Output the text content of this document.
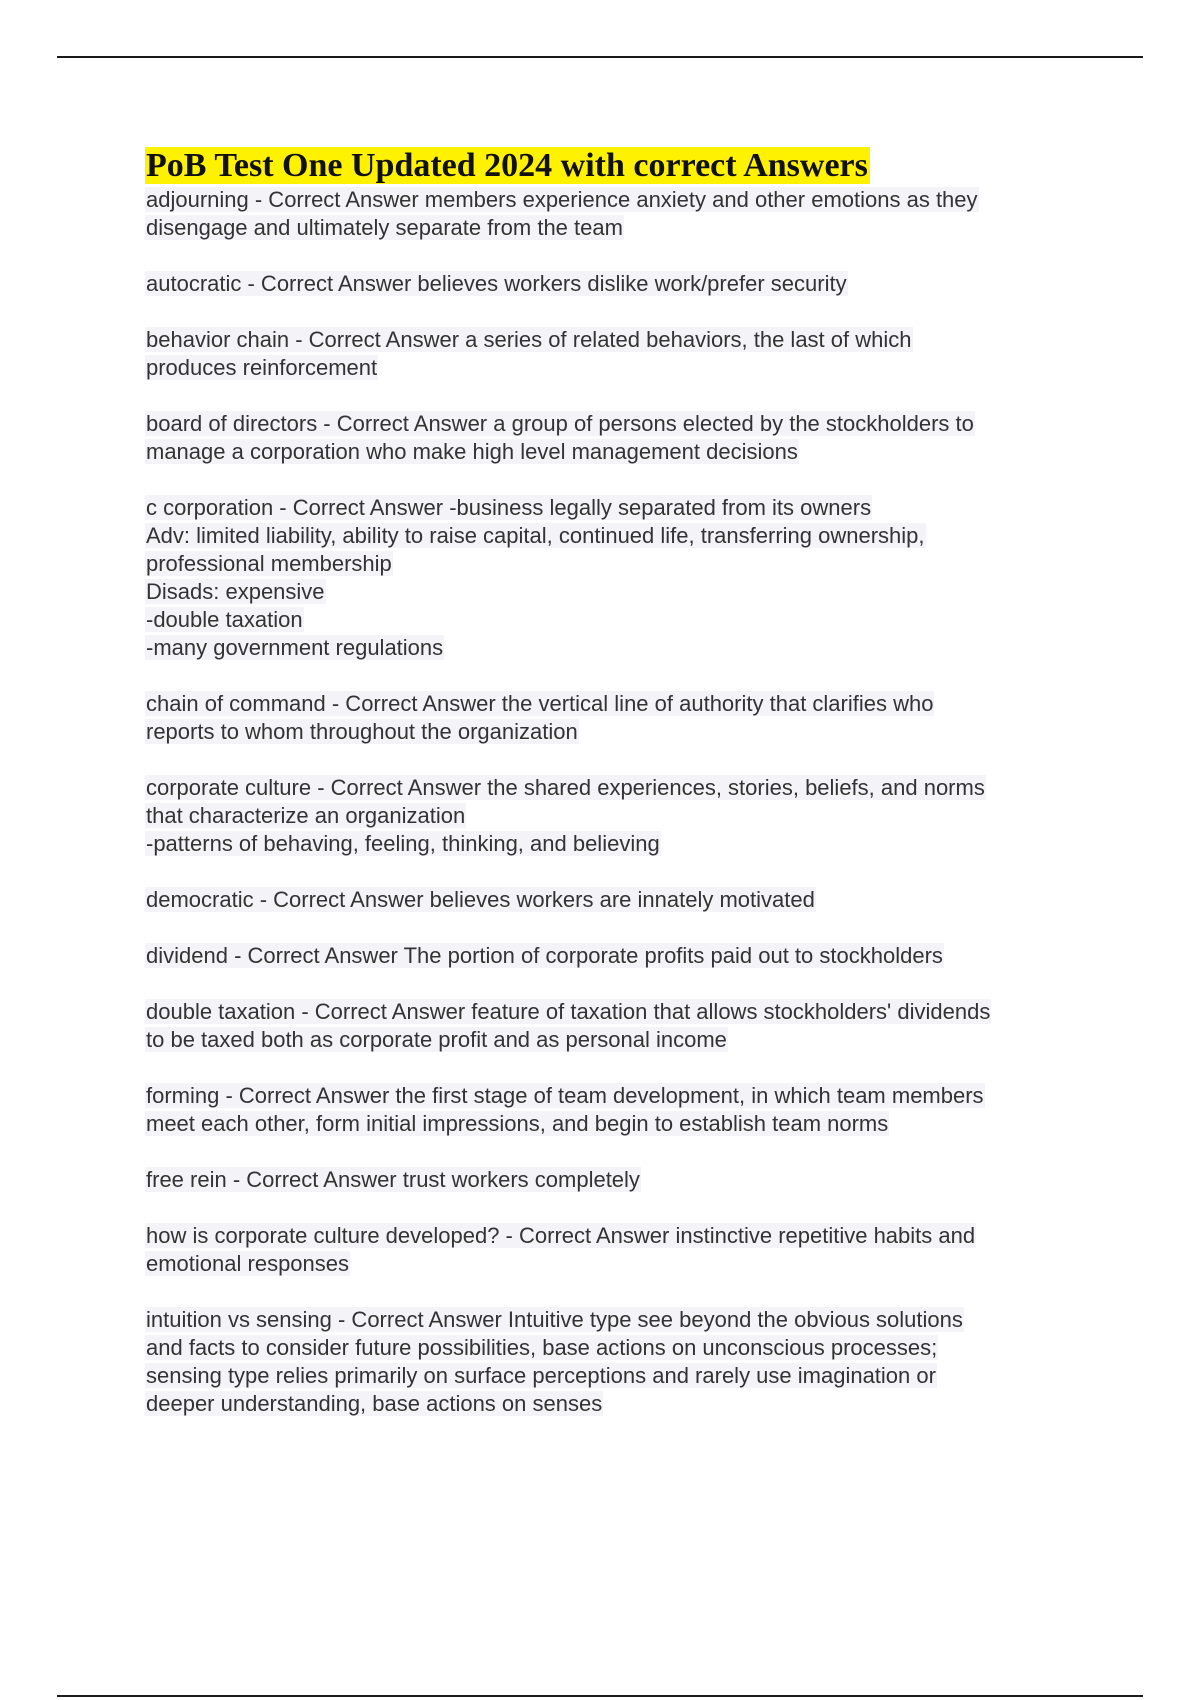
PoB Test One Updated 2024 with correct Answers
adjourning - Correct Answer members experience anxiety and other emotions as they
disengage and ultimately separate from the team
autocratic - Correct Answer believes workers dislike work/prefer security
behavior chain - Correct Answer a series of related behaviors, the last of which
produces reinforcement
board of directors - Correct Answer a group of persons elected by the stockholders to
manage a corporation who make high level management decisions
c corporation - Correct Answer -business legally separated from its owners
Adv: limited liability, ability to raise capital, continued life, transferring ownership,
professional membership
Disads: expensive
-double taxation
-many government regulations
chain of command - Correct Answer the vertical line of authority that clarifies who
reports to whom throughout the organization
corporate culture - Correct Answer the shared experiences, stories, beliefs, and norms
that characterize an organization
-patterns of behaving, feeling, thinking, and believing
democratic - Correct Answer believes workers are innately motivated
dividend - Correct Answer The portion of corporate profits paid out to stockholders
double taxation - Correct Answer feature of taxation that allows stockholders' dividends
to be taxed both as corporate profit and as personal income
forming - Correct Answer the first stage of team development, in which team members
meet each other, form initial impressions, and begin to establish team norms
free rein - Correct Answer trust workers completely
how is corporate culture developed? - Correct Answer instinctive repetitive habits and
emotional responses
intuition vs sensing - Correct Answer Intuitive type see beyond the obvious solutions
and facts to consider future possibilities, base actions on unconscious processes;
sensing type relies primarily on surface perceptions and rarely use imagination or
deeper understanding, base actions on senses
